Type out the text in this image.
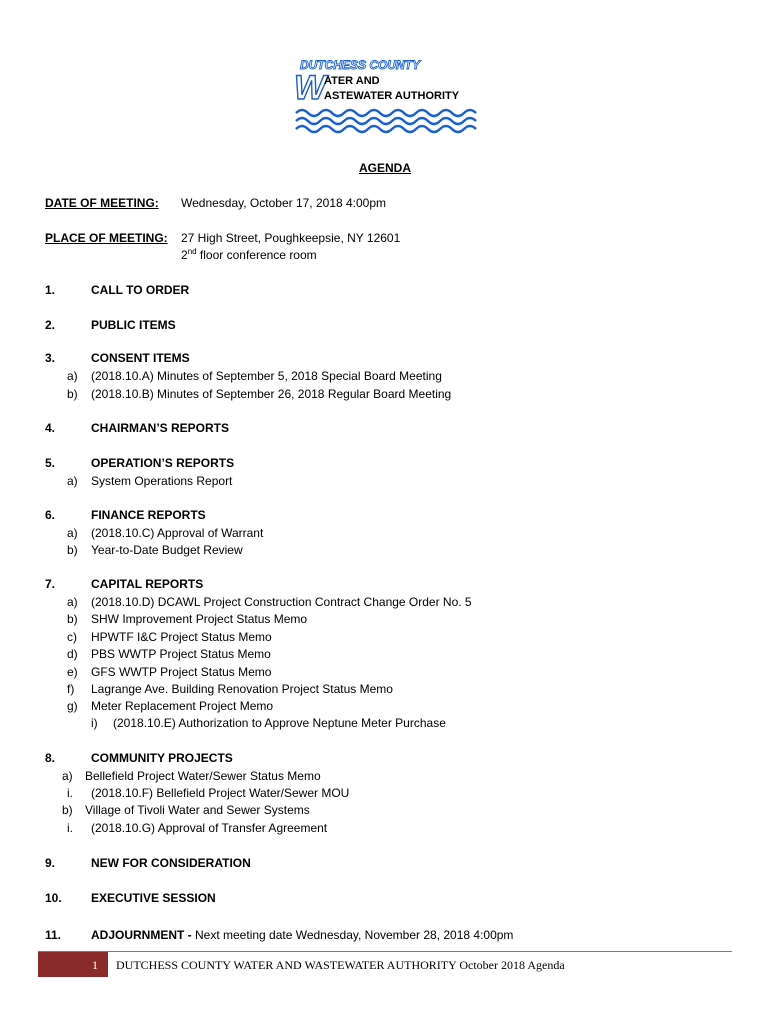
DUTCHESS COUNTY
W
ATER AND
ASTEWATER AUTHORITY
AGENDA
DATE OF MEETING: Wednesday, October 17, 2018 4:00pm
PLACE OF MEETING: 27 High Street, Poughkeepsie, NY 12601
2nd floor conference room
1.	CALL TO ORDER
2.	PUBLIC ITEMS
3.	CONSENT ITEMS
a) (2018.10.A) Minutes of September 5, 2018 Special Board Meeting
b) (2018.10.B) Minutes of September 26, 2018 Regular Board Meeting
4.	CHAIRMAN’S REPORTS
5.	OPERATION’S REPORTS
a) System Operations Report
6.	FINANCE REPORTS
a) (2018.10.C) Approval of Warrant
b) Year-to-Date Budget Review
7.	CAPITAL REPORTS
a) (2018.10.D) DCAWL Project Construction Contract Change Order No. 5
b) SHW Improvement Project Status Memo
c) HPWTF I&C Project Status Memo
d) PBS WWTP Project Status Memo
e) GFS WWTP Project Status Memo
f) Lagrange Ave. Building Renovation Project Status Memo
g) Meter Replacement Project Memo
i) (2018.10.E) Authorization to Approve Neptune Meter Purchase
8.	COMMUNITY PROJECTS
a) Bellefield Project Water/Sewer Status Memo
i. (2018.10.F) Bellefield Project Water/Sewer MOU
b) Village of Tivoli Water and Sewer Systems
i. (2018.10.G) Approval of Transfer Agreement
9.	NEW FOR CONSIDERATION
10. EXECUTIVE SESSION
11. ADJOURNMENT - Next meeting date Wednesday, November 28, 2018 4:00pm
1 DUTCHESS COUNTY WATER AND WASTEWATER AUTHORITY October 2018 Agenda
